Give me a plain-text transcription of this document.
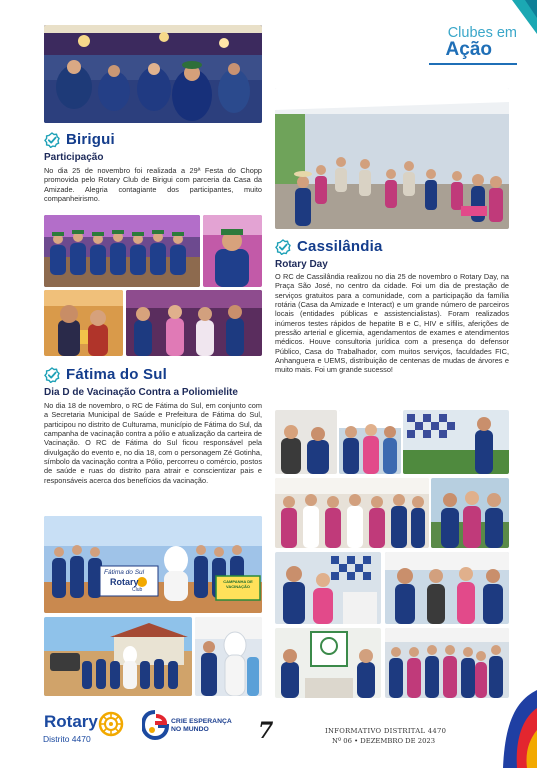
Clubes em
Ação
Birigui
Participação
No dia 25 de novembro foi realizada a 29ª Festa do Chopp promovida pelo Rotary Club de Birigui com parceria da Casa da Amizade. Alegria contagiante dos participantes, muito companheirismo.
Fátima do Sul
Dia D de Vacinação Contra a Poliomielite
No dia 18 de novembro, o RC de Fátima do Sul, em conjunto com a Secretaria Municipal de Saúde e Prefeitura de Fátima do Sul, participou no distrito de Culturama, município de Fátima do Sul, da campanha de vacinação contra a pólio e atualização da carteira de Vacinação. O RC de Fátima do Sul ficou responsável pela divulgação do evento e, no dia 18, com o personagem Zé Gotinha, símbolo da vacinação contra a Pólio, percorreu o comércio, postos de saúde e ruas do distrito para atrair e conscientizar pais e responsáveis acerca dos benefícios da vacinação.
Fátima do Sul
Rotary
Club
CAMPANHA DE VACINAÇÃO
Cassilândia
Rotary Day
O RC de Cassilândia realizou no dia 25 de novembro o Rotary Day, na Praça São José, no centro da cidade. Foi um dia de prestação de serviços gratuitos para a comunidade, com a participação da família rotária (Casa da Amizade e Interact) e um grande número de parceiros locais (entidades públicas e assistencialistas). Foram realizados inúmeros testes rápidos de hepatite B e C, HIV e sífilis, aferições de pressão arterial e glicemia, agendamentos de exames e atendimentos médicos. Houve consultoria jurídica com a presença do defensor Público, Casa do Trabalhador, com muitos serviços, faculdades FIC, Anhanguera e UEMS, distribuição de centenas de mudas de árvores e muito mais. Foi um grande sucesso!
Rotary
Distrito 4470
CRIE ESPERANÇA
NO MUNDO	7	INFORMATIVO DISTRITAL 4470
Nº 06 • DEZEMBRO DE 2023
